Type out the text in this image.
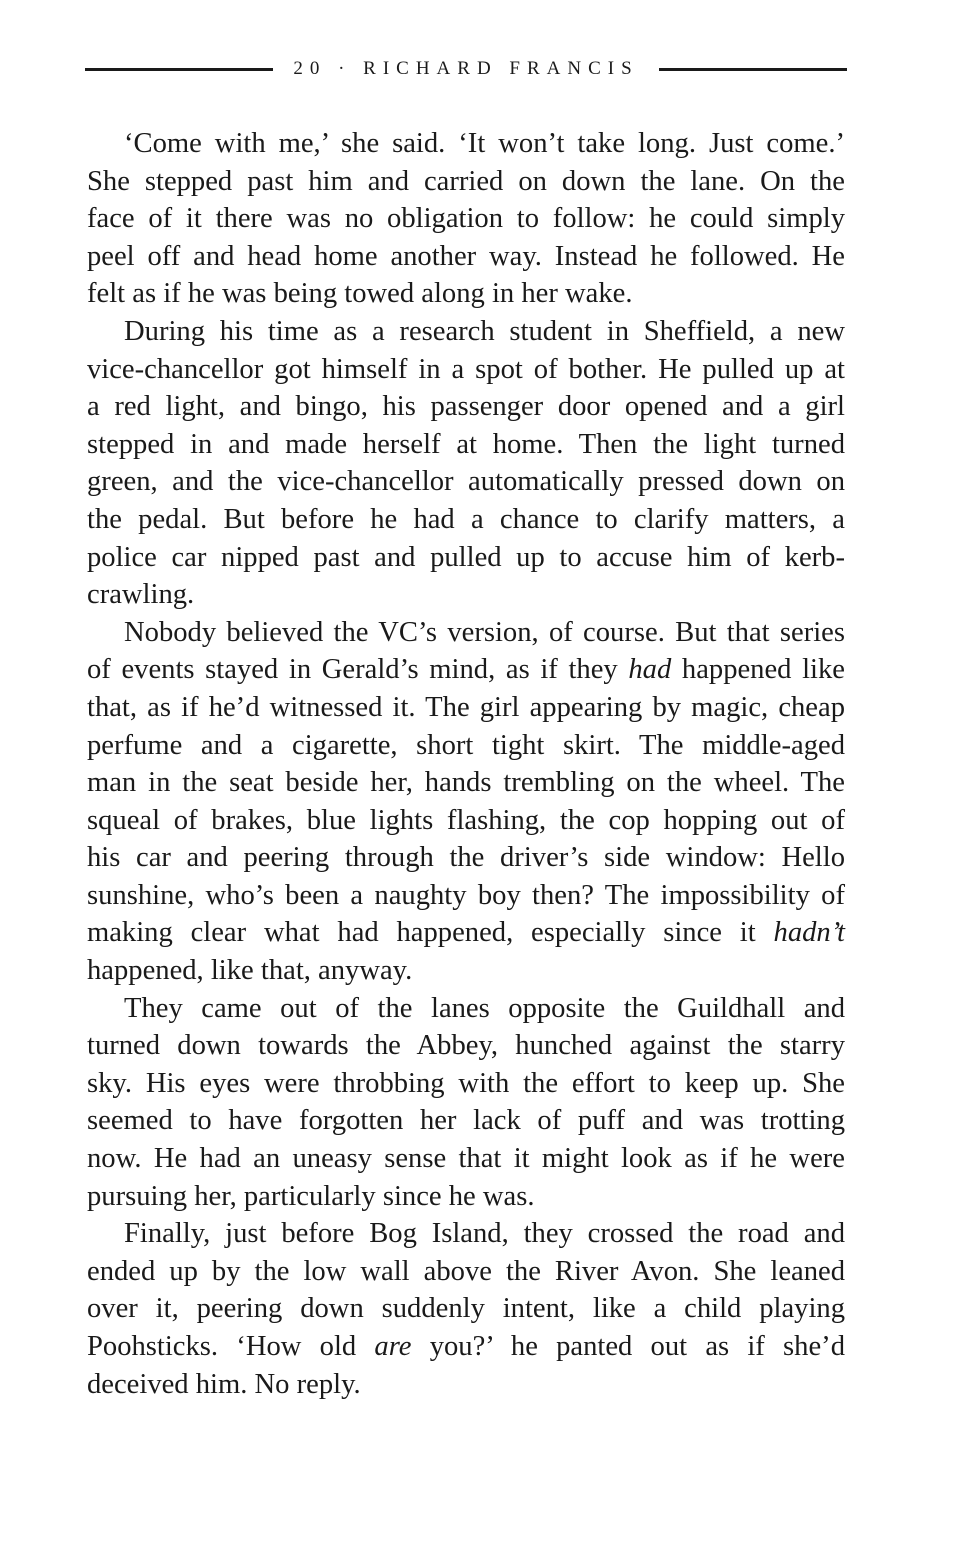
20 · RICHARD FRANCIS
‘Come with me,’ she said. ‘It won’t take long. Just come.’
She stepped past him and carried on down the lane. On the
face of it there was no obligation to follow: he could simply
peel off and head home another way. Instead he followed. He
felt as if he was being towed along in her wake.
During his time as a research student in Sheffield, a new
vice-chancellor got himself in a spot of bother. He pulled up at
a red light, and bingo, his passenger door opened and a girl
stepped in and made herself at home. Then the light turned
green, and the vice-chancellor automatically pressed down on
the pedal. But before he had a chance to clarify matters, a
police car nipped past and pulled up to accuse him of kerb-
crawling.
Nobody believed the VC’s version, of course. But that series
of events stayed in Gerald’s mind, as if they had happened like
that, as if he’d witnessed it. The girl appearing by magic, cheap
perfume and a cigarette, short tight skirt. The middle-aged
man in the seat beside her, hands trembling on the wheel. The
squeal of brakes, blue lights flashing, the cop hopping out of
his car and peering through the driver’s side window: Hello
sunshine, who’s been a naughty boy then? The impossibility of
making clear what had happened, especially since it hadn’t
happened, like that, anyway.
They came out of the lanes opposite the Guildhall and
turned down towards the Abbey, hunched against the starry
sky. His eyes were throbbing with the effort to keep up. She
seemed to have forgotten her lack of puff and was trotting
now. He had an uneasy sense that it might look as if he were
pursuing her, particularly since he was.
Finally, just before Bog Island, they crossed the road and
ended up by the low wall above the River Avon. She leaned
over it, peering down suddenly intent, like a child playing
Poohsticks. ‘How old are you?’ he panted out as if she’d
deceived him. No reply.
